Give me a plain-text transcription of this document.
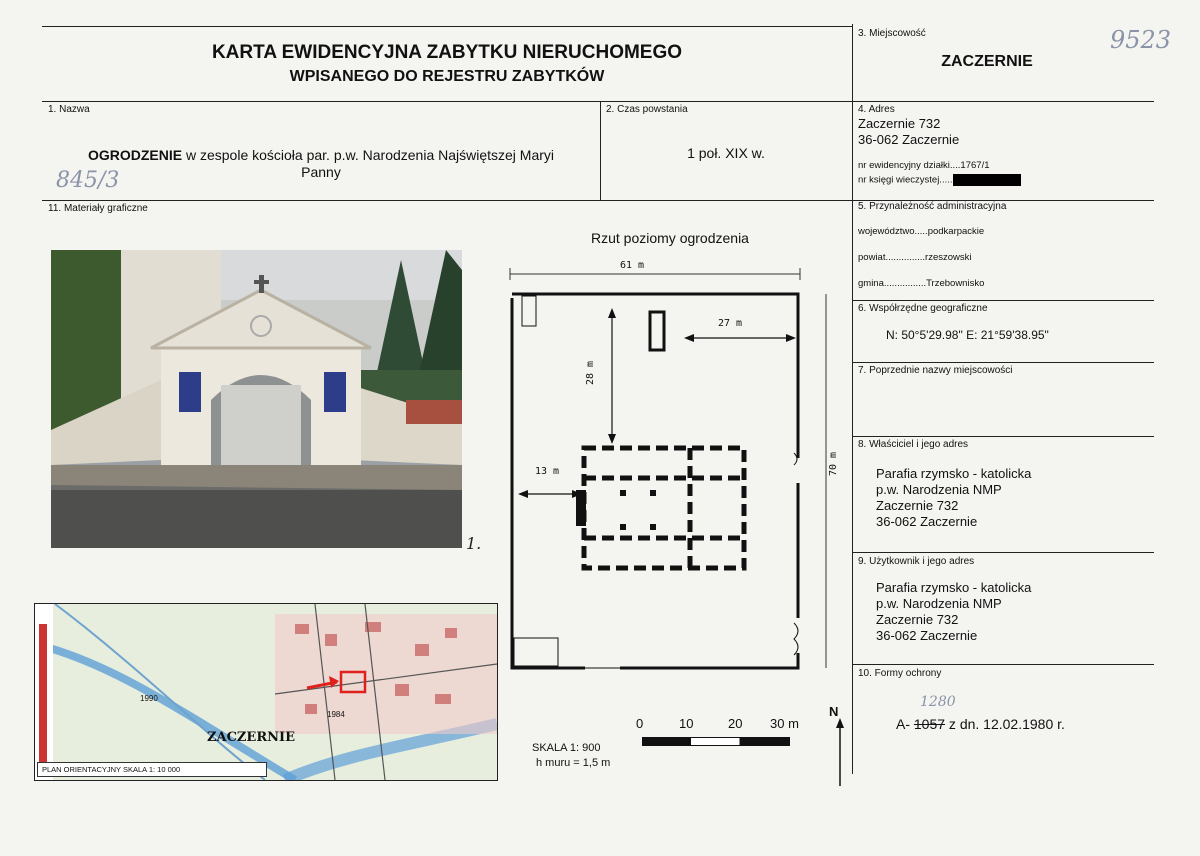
9523
KARTA EWIDENCYJNA ZABYTKU NIERUCHOMEGO
WPISANEGO DO REJESTRU ZABYTKÓW
3. Miejscowość
ZACZERNIE
1. Nazwa
OGRODZENIE w zespole kościoła par. p.w. Narodzenia Najświętszej Maryi
Panny
845/3
2. Czas powstania
1 poł. XIX w.
4. Adres
Zaczernie 732
36-062 Zaczernie
nr ewidencyjny działki....1767/1
nr księgi wieczystej.....
5. Przynależność administracyjna
województwo.....podkarpackie
powiat...............rzeszowski
gmina................Trzebownisko
6. Współrzędne geograficzne
N: 50°5'29.98" E: 21°59'38.95"
7. Poprzednie nazwy miejscowości
8. Właściciel i jego adres
Parafia rzymsko - katolicka
p.w. Narodzenia NMP
Zaczernie 732
36-062 Zaczernie
9. Użytkownik i jego adres
Parafia rzymsko - katolicka
p.w. Narodzenia NMP
Zaczernie 732
36-062 Zaczernie
10. Formy ochrony
1280
A- 1057 z dn. 12.02.1980 r.
11. Materiały graficzne
1.
ZACZERNIE
1990
1984
PLAN ORIENTACYJNY SKALA 1: 10 000
Rzut poziomy ogrodzenia
61 m
70 m
28 m
27 m
13 m
0	10	20 30 m
SKALA 1: 900
h muru = 1,5 m
N
